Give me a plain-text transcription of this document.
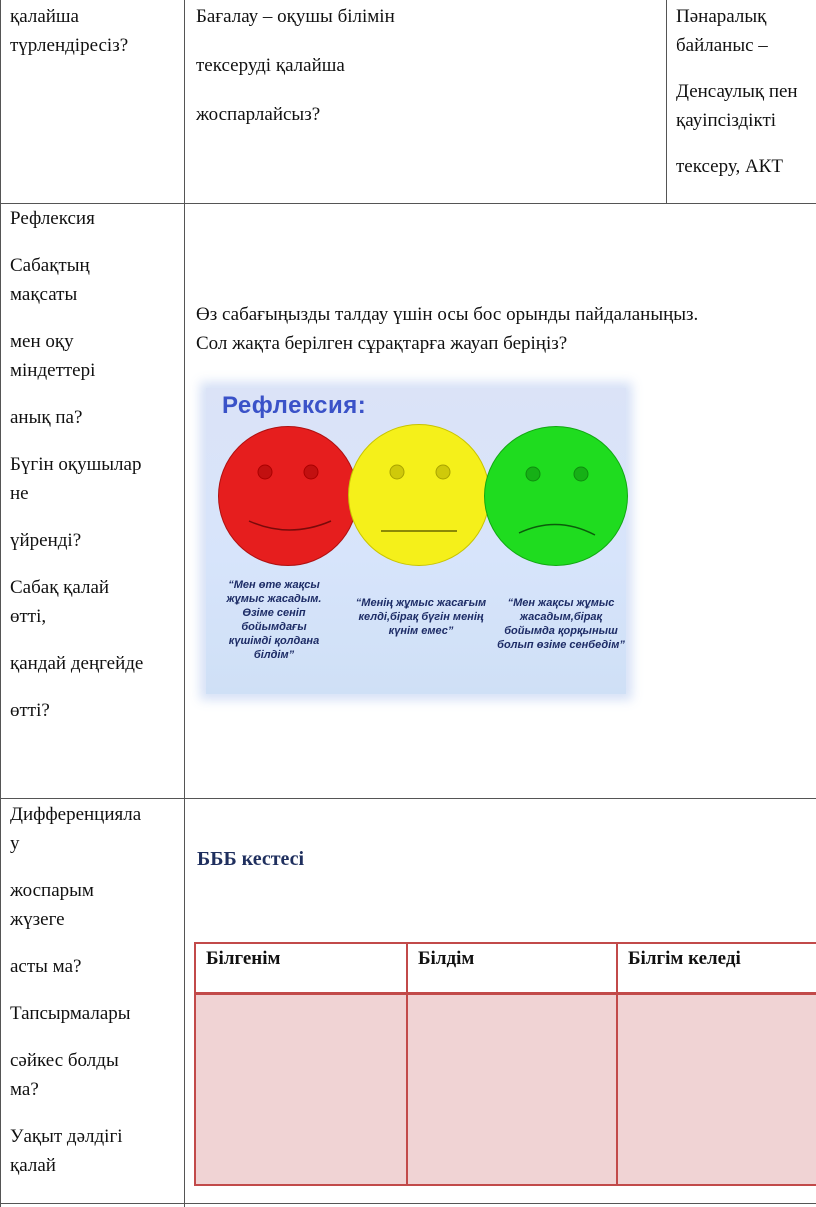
қалайша

түрлендіресіз?

Бағалау – оқушы білімін

тексеруді қалайша

жоспарлайсыз?

Пәнаралық

байланыс –

Денсаулық пен

қауіпсіздікті

тексеру, АКТ

Рефлексия

Сабақтың

мақсаты

мен оқу

міндеттері

анық па?

Бүгін оқушылар

не

үйренді?

Сабақ қалай

өтті,

қандай деңгейде

өтті?

Өз сабағыңызды талдау үшін осы бос орынды пайдаланыңыз.

Сол жақта берілген сұрақтарға жауап беріңіз?

Рефлексия:
“Мен өте жақсы
жұмыс жасадым.
Өзіме сеніп
бойымдағы
күшімді қолдана
білдім”
“Менің жұмыс жасағым
келді,бірақ бүгін менің
күнім емес”
“Мен жақсы жұмыс
жасадым,бірақ
бойымда қорқыныш
болып өзіме сенбедім”

Дифференцияла

у

жоспарым

жүзеге

асты ма?

Тапсырмалары

сәйкес болды

ма?

Уақыт дәлдігі

қалай

БББ кестесі
Білгенім	Білдім	Білгім келеді
